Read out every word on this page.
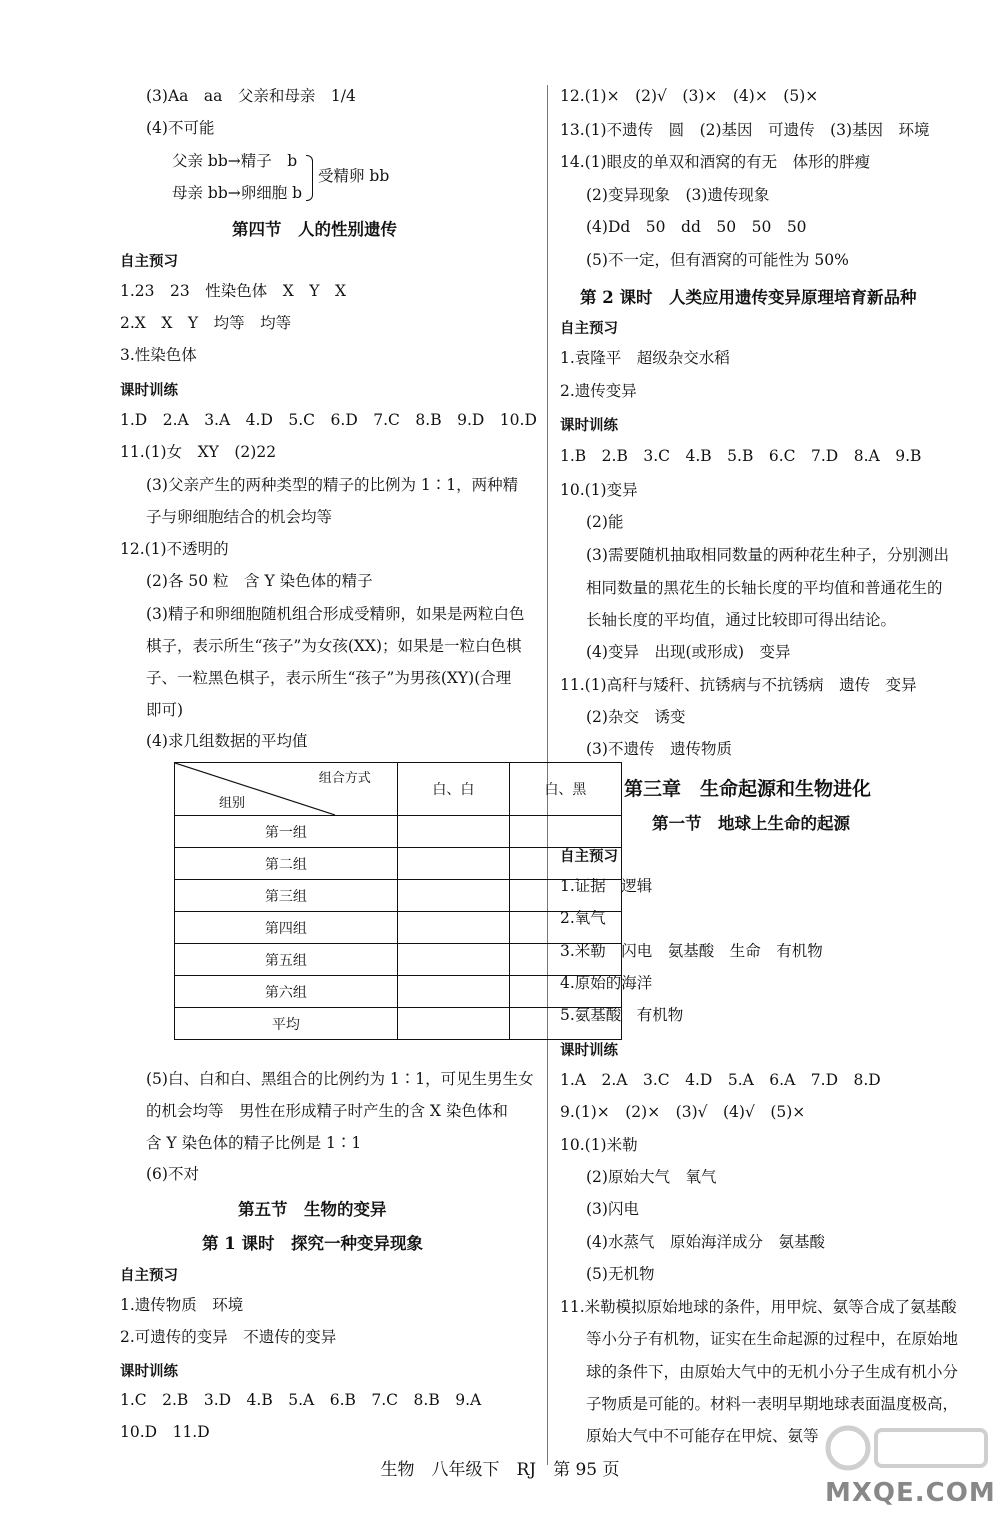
(3)Aa　aa　父亲和母亲　1/4
(4)不可能
父亲 bb→精子　b
母亲 bb→卵细胞 b
受精卵 bb
第四节　人的性别遗传
自主预习
1.23　23　性染色体　X　Y　X
2.X　X　Y　均等　均等
3.性染色体
课时训练
1.D　2.A　3.A　4.D　5.C　6.D　7.C　8.B　9.D　10.D
11.(1)女　XY　(2)22
(3)父亲产生的两种类型的精子的比例为 1∶1，两种精
子与卵细胞结合的机会均等
12.(1)不透明的
(2)各 50 粒　含 Y 染色体的精子
(3)精子和卵细胞随机组合形成受精卵，如果是两粒白色
棋子，表示所生“孩子”为女孩(XX)；如果是一粒白色棋
子、一粒黑色棋子，表示所生“孩子”为男孩(XY)(合理
即可)
(4)求几组数据的平均值
组合方式
组别	白、白	白、黑
第一组		
第二组		
第三组		
第四组		
第五组		
第六组		
平均		
(5)白、白和白、黑组合的比例约为 1∶1，可见生男生女
的机会均等　男性在形成精子时产生的含 X 染色体和
含 Y 染色体的精子比例是 1∶1
(6)不对
第五节　生物的变异
第 1 课时　探究一种变异现象
自主预习
1.遗传物质　环境
2.可遗传的变异　不遗传的变异
课时训练
1.C　2.B　3.D　4.B　5.A　6.B　7.C　8.B　9.A
10.D　11.D
12.(1)×　(2)√　(3)×　(4)×　(5)×
13.(1)不遗传　圆　(2)基因　可遗传　(3)基因　环境
14.(1)眼皮的单双和酒窝的有无　体形的胖瘦
(2)变异现象　(3)遗传现象
(4)Dd　50　dd　50　50　50
(5)不一定，但有酒窝的可能性为 50%
第 2 课时　人类应用遗传变异原理培育新品种
自主预习
1.袁隆平　超级杂交水稻
2.遗传变异
课时训练
1.B　2.B　3.C　4.B　5.B　6.C　7.D　8.A　9.B
10.(1)变异
(2)能
(3)需要随机抽取相同数量的两种花生种子，分别测出
相同数量的黑花生的长轴长度的平均值和普通花生的
长轴长度的平均值，通过比较即可得出结论。
(4)变异　出现(或形成)　变异
11.(1)高秆与矮秆、抗锈病与不抗锈病　遗传　变异
(2)杂交　诱变
(3)不遗传　遗传物质
第三章　生命起源和生物进化
第一节　地球上生命的起源
自主预习
1.证据　逻辑
2.氧气
3.米勒　闪电　氨基酸　生命　有机物
4.原始的海洋
5.氨基酸　有机物
课时训练
1.A　2.A　3.C　4.D　5.A　6.A　7.D　8.D
9.(1)×　(2)×　(3)√　(4)√　(5)×
10.(1)米勒
(2)原始大气　氧气
(3)闪电
(4)水蒸气　原始海洋成分　氨基酸
(5)无机物
11.米勒模拟原始地球的条件，用甲烷、氨等合成了氨基酸
等小分子有机物，证实在生命起源的过程中，在原始地
球的条件下，由原始大气中的无机小分子生成有机小分
子物质是可能的。材料一表明早期地球表面温度极高，
原始大气中不可能存在甲烷、氨等
生物　八年级下　RJ　第 95 页
MXQE.COM
